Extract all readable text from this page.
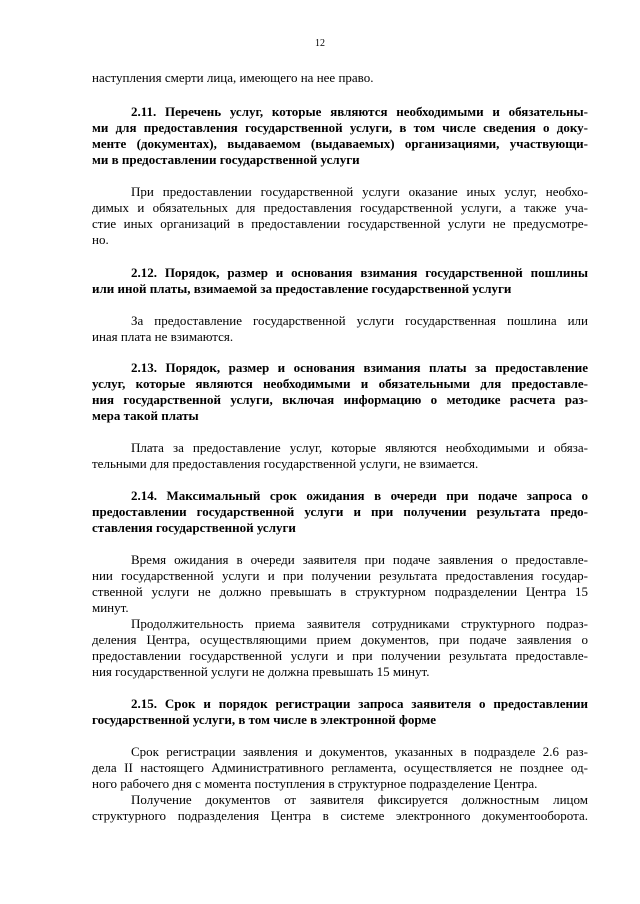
12
наступления смерти лица, имеющего на нее право.
2.11. Перечень услуг, которые являются необходимыми и обязательны-
ми для предоставления государственной услуги, в том числе сведения о доку-
менте (документах), выдаваемом (выдаваемых) организациями, участвующи-
ми в предоставлении государственной услуги
При предоставлении государственной услуги оказание иных услуг, необхо-
димых и обязательных для предоставления государственной услуги, а также уча-
стие иных организаций в предоставлении государственной услуги не предусмотре-
но.
2.12. Порядок, размер и основания взимания государственной пошлины
или иной платы, взимаемой за предоставление государственной услуги
За предоставление государственной услуги государственная пошлина или
иная плата не взимаются.
2.13. Порядок, размер и основания взимания платы за предоставление
услуг, которые являются необходимыми и обязательными для предоставле-
ния государственной услуги, включая информацию о методике расчета раз-
мера такой платы
Плата за предоставление услуг, которые являются необходимыми и обяза-
тельными для предоставления государственной услуги, не взимается.
2.14. Максимальный срок ожидания в очереди при подаче запроса о
предоставлении государственной услуги и при получении результата предо-
ставления государственной услуги
Время ожидания в очереди заявителя при подаче заявления о предоставле-
нии государственной услуги и при получении результата предоставления государ-
ственной услуги не должно превышать в структурном подразделении Центра 15
минут.
Продолжительность приема заявителя сотрудниками структурного подраз-
деления Центра, осуществляющими прием документов, при подаче заявления о
предоставлении государственной услуги и при получении результата предоставле-
ния государственной услуги не должна превышать 15 минут.
2.15. Срок и порядок регистрации запроса заявителя о предоставлении
государственной услуги, в том числе в электронной форме
Срок регистрации заявления и документов, указанных в подразделе 2.6 раз-
дела II настоящего Административного регламента, осуществляется не позднее од-
ного рабочего дня с момента поступления в структурное подразделение Центра.
Получение документов от заявителя фиксируется должностным лицом
структурного подразделения Центра в системе электронного документооборота.
